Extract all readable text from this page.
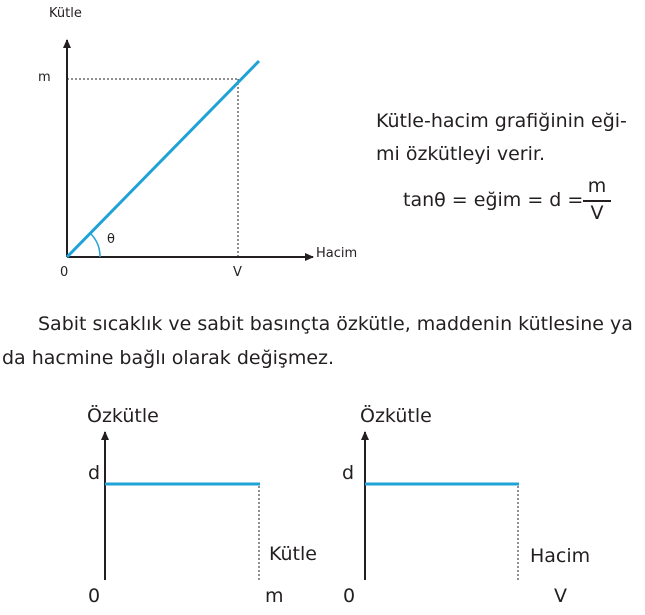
Kütle
Hacim
0
m
V
θ
Kütle-hacim grafiğinin eği-
mi özkütleyi verir.
tanθ = eğim = d =
m
V
Sabit sıcaklık ve sabit basınçta özkütle, maddenin kütlesine ya
da hacmine bağlı olarak değişmez.
Özkütle
d
Kütle
0	m
Özkütle
d
Hacim
0	V
